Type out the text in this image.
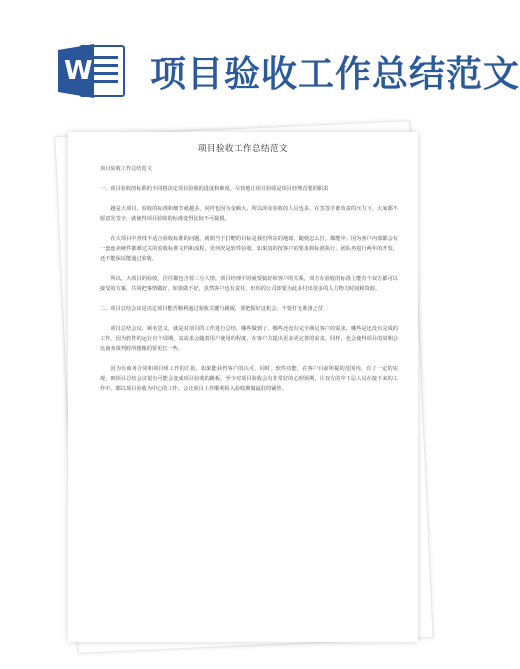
W 项目验收工作总结范文
项目验收工作总结范文

项目验收工作总结范文

一、项目验收的标准的不同将决定项目验收的进度和难度，尽快地让项目验收是项目经理首要的职责

越是大项目，验收的标准和细节就越多，同样也因为金额大，所以涉及验收的人员也多，在签签字谁负责的压力下，大家都不愿意先签字，就使得项目验收的标准变得比较不可捉摸。

在大项目中查找不适合验收标准的问题，就相当于打靶的目标是我们所站的地球，随便怎么打，都能中。因为客户内部都会有一套连卖硬件都难过关的验收标准文档和流程，更何况是软件验收。如果真的按客户的要求和标准执行，团队再进行两年的开发，还不能保证能通过验收。

所以，大项目的验收，往往都包含着三分人情。项目经理平时就要搞好和客户的关系，双方在验收的标准上能有个双方都可以接受的方案，共同把事情做好，如果做不好，虽然客户也有责任，但你的公司却要为此多付出很多的人力物力时间和资源。

二、项目总结会议是决定项目能否顺利通过验收关键与跳板，要把握好这机会，不要打无准备之仗

项目总结会议，顾名思义，就是对项目的工作进行总结，哪些做到了，哪些还没有完全满足客户的需求，哪些是还没有完成的工作。因为软件的运行有个周期，其需求会随着用户使用的程度，在客户方提出更多更完善的需求，同样，也会使得项目的周期会比商务谈判时所想像的要更长一些。

因为有商务合同和项目组工作的汇报，如果能获得客户的认可，同时，软件功能，在客户目前所提的范围内，有了一定的实现，则项目总结会议很有可能会变成项目验收的跳板，至少对项目验收会有非常好的心理预期，让双方的中下层人员在接下来的工作中，都以项目验收为中心的工作，会让项目工作顺利转入验收期做最好的铺垫。
